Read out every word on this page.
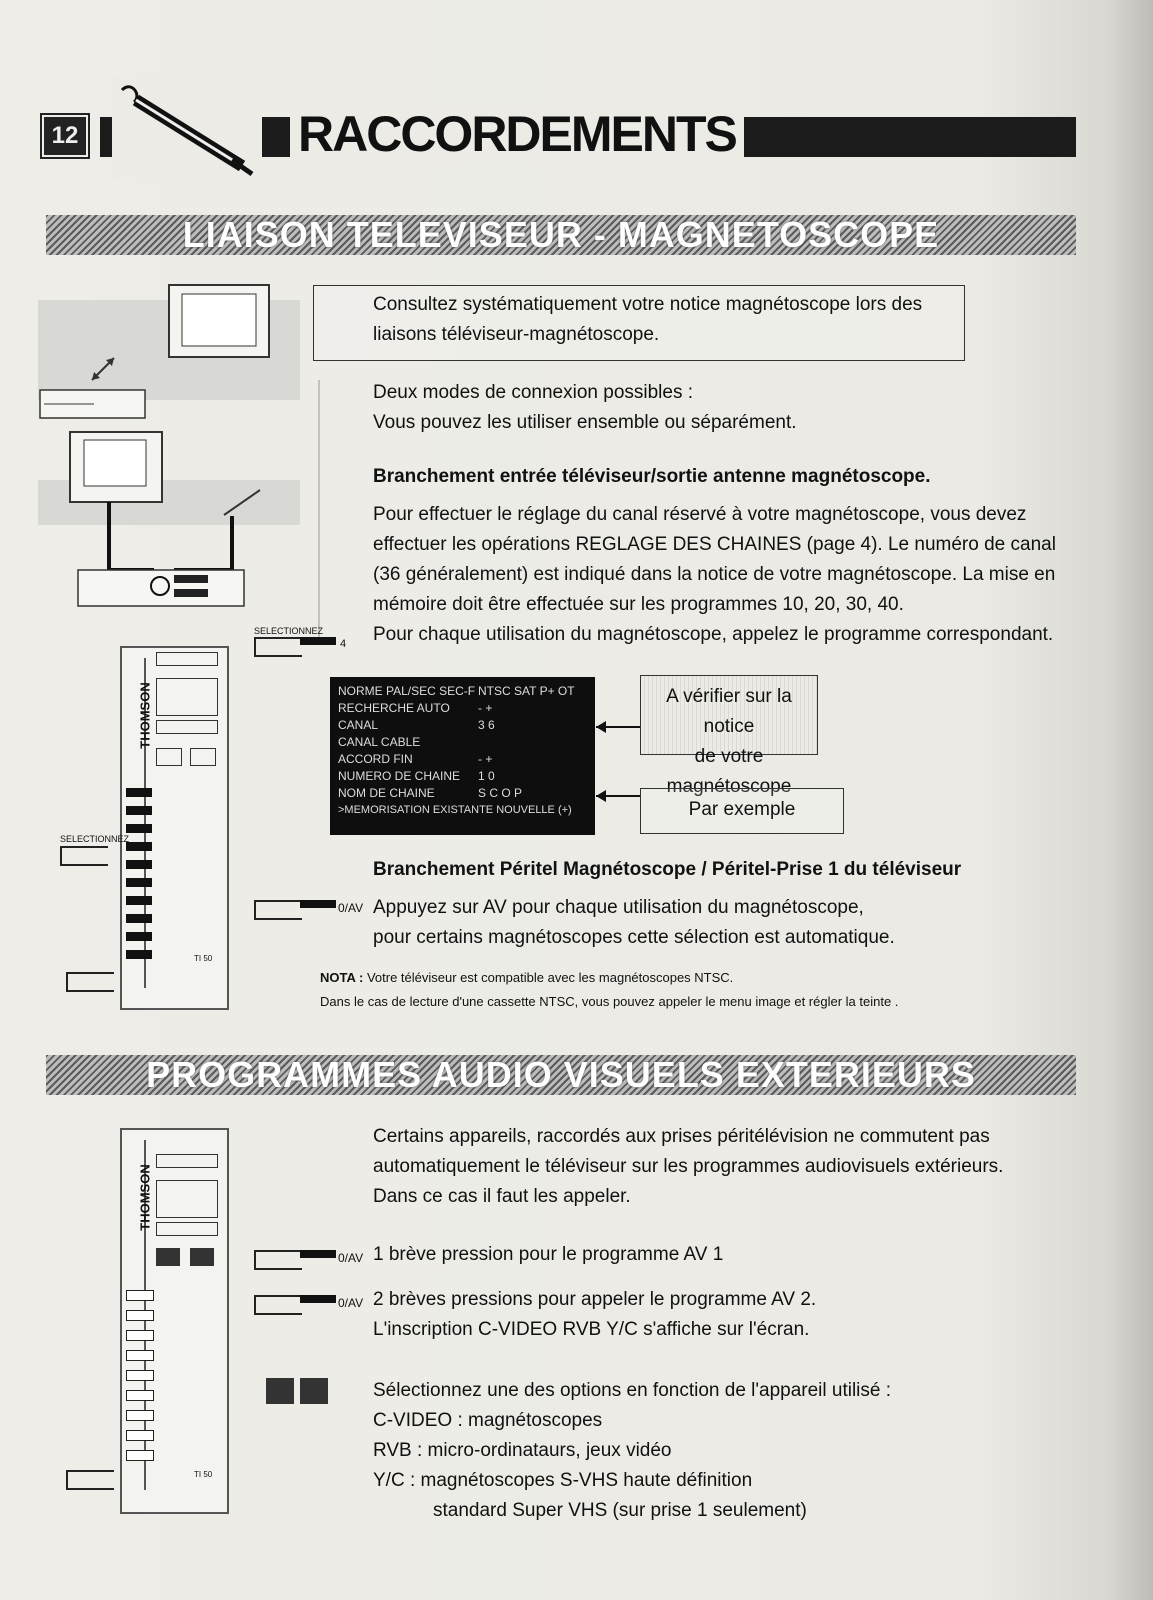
12	RACCORDEMENTS
LIAISON TELEVISEUR - MAGNETOSCOPE
Consultez systématiquement votre notice magnétoscope lors des liaisons téléviseur-magnétoscope.
Deux modes de connexion possibles :
Vous pouvez les utiliser ensemble ou séparément.
Branchement entrée téléviseur/sortie antenne magnétoscope.
Pour effectuer le réglage du canal réservé à votre magnétoscope, vous devez
effectuer les opérations REGLAGE DES CHAINES (page 4). Le numéro de canal
(36 généralement) est indiqué dans la notice de votre magnétoscope. La mise en
mémoire doit être effectuée sur les programmes 10, 20, 30, 40.
Pour chaque utilisation du magnétoscope, appelez le programme correspondant.
SELECTIONNEZ
4
THOMSON
TI 50
SELECTIONNEZ
NORME PAL/SEC SEC-F NTSC SAT P+ OT
RECHERCHE AUTO	- +
CANAL	3 6
CANAL CABLE
ACCORD FIN	- +
NUMERO DE CHAINE	1 0
NOM DE CHAINE	S C O P
>MEMORISATION EXISTANTE NOUVELLE (+)
A vérifier sur la notice
de votre magnétoscope
Par exemple
Branchement Péritel Magnétoscope / Péritel-Prise 1 du téléviseur
0/AV Appuyez sur AV pour chaque utilisation du magnétoscope,
pour certains magnétoscopes cette sélection est automatique.
NOTA : Votre téléviseur est compatible avec les magnétoscopes NTSC.
Dans le cas de lecture d'une cassette NTSC, vous pouvez appeler le menu image et régler la teinte .
PROGRAMMES AUDIO VISUELS EXTERIEURS
THOMSON
TI 50
Certains appareils, raccordés aux prises péritélévision ne commutent pas
automatiquement le téléviseur sur les programmes audiovisuels extérieurs.
Dans ce cas il faut les appeler.
0/AV 1 brève pression pour le programme AV 1
0/AV 2 brèves pressions pour appeler le programme AV 2.
L'inscription C-VIDEO RVB Y/C s'affiche sur l'écran.
Sélectionnez une des options en fonction de l'appareil utilisé :
C-VIDEO : magnétoscopes
RVB : micro-ordinataurs, jeux vidéo
Y/C : magnétoscopes S-VHS haute définition
standard Super VHS (sur prise 1 seulement)
